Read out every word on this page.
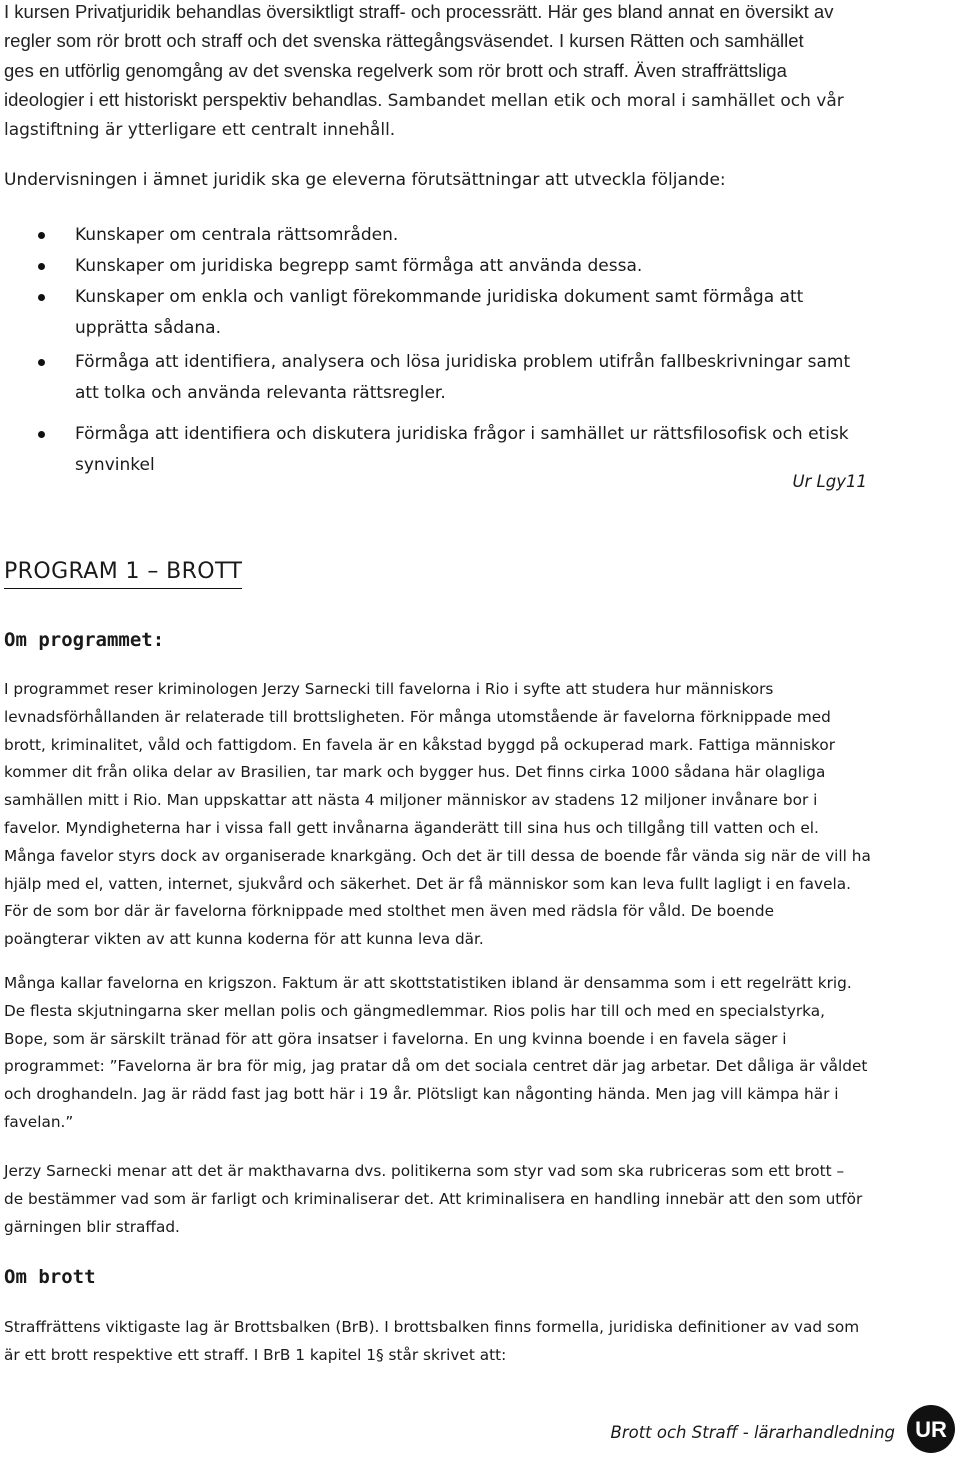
I kursen Privatjuridik behandlas översiktligt straff- och processrätt. Här ges bland annat en översikt av
regler som rör brott och straff och det svenska rättegångsväsendet. I kursen Rätten och samhället
ges en utförlig genomgång av det svenska regelverk som rör brott och straff. Även straffrättsliga
ideologier i ett historiskt perspektiv behandlas. Sambandet mellan etik och moral i samhället och vår
lagstiftning är ytterligare ett centralt innehåll.
Undervisningen i ämnet juridik ska ge eleverna förutsättningar att utveckla följande:
Kunskaper om centrala rättsområden.
Kunskaper om juridiska begrepp samt förmåga att använda dessa.
Kunskaper om enkla och vanligt förekommande juridiska dokument samt förmåga att
upprätta sådana.
Förmåga att identifiera, analysera och lösa juridiska problem utifrån fallbeskrivningar samt
att tolka och använda relevanta rättsregler.
Förmåga att identifiera och diskutera juridiska frågor i samhället ur rättsfilosofisk och etisk
synvinkel
Ur Lgy11
PROGRAM 1 – BROTT
Om programmet:
I programmet reser kriminologen Jerzy Sarnecki till favelorna i Rio i syfte att studera hur människors
levnadsförhållanden är relaterade till brottsligheten. För många utomstående är favelorna förknippade med
brott, kriminalitet, våld och fattigdom. En favela är en kåkstad byggd på ockuperad mark. Fattiga människor
kommer dit från olika delar av Brasilien, tar mark och bygger hus. Det finns cirka 1000 sådana här olagliga
samhällen mitt i Rio. Man uppskattar att nästa 4 miljoner människor av stadens 12 miljoner invånare bor i
favelor. Myndigheterna har i vissa fall gett invånarna äganderätt till sina hus och tillgång till vatten och el.
Många favelor styrs dock av organiserade knarkgäng. Och det är till dessa de boende får vända sig när de vill ha
hjälp med el, vatten, internet, sjukvård och säkerhet. Det är få människor som kan leva fullt lagligt i en favela.
För de som bor där är favelorna förknippade med stolthet men även med rädsla för våld. De boende
poängterar vikten av att kunna koderna för att kunna leva där.
Många kallar favelorna en krigszon. Faktum är att skottstatistiken ibland är densamma som i ett regelrätt krig.
De flesta skjutningarna sker mellan polis och gängmedlemmar. Rios polis har till och med en specialstyrka,
Bope, som är särskilt tränad för att göra insatser i favelorna. En ung kvinna boende i en favela säger i
programmet: ”Favelorna är bra för mig, jag pratar då om det sociala centret där jag arbetar. Det dåliga är våldet
och droghandeln. Jag är rädd fast jag bott här i 19 år. Plötsligt kan någonting hända. Men jag vill kämpa här i
favelan.”
Jerzy Sarnecki menar att det är makthavarna dvs. politikerna som styr vad som ska rubriceras som ett brott –
de bestämmer vad som är farligt och kriminaliserar det. Att kriminalisera en handling innebär att den som utför
gärningen blir straffad.
Om brott
Straffrättens viktigaste lag är Brottsbalken (BrB). I brottsbalken finns formella, juridiska definitioner av vad som
är ett brott respektive ett straff. I BrB 1 kapitel 1§ står skrivet att:
Brott och Straff - lärarhandledning UR
